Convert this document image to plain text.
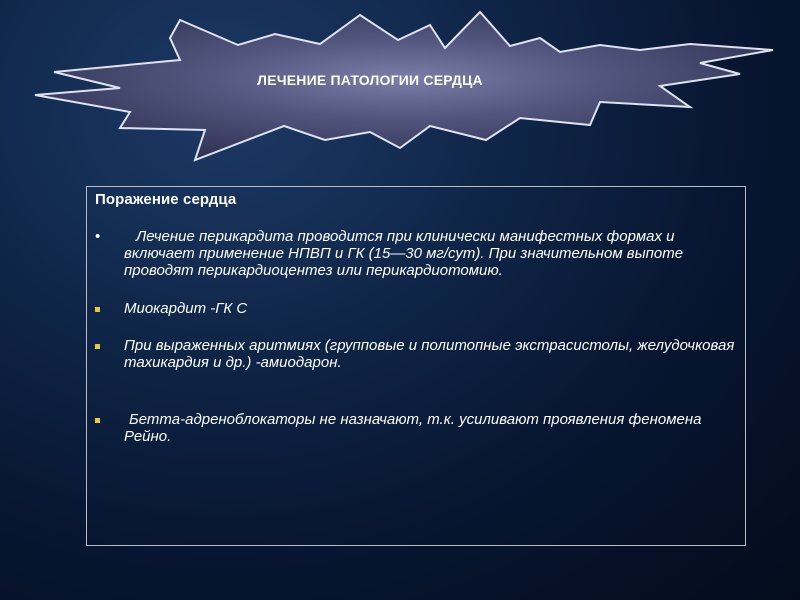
ЛЕЧЕНИЕ ПАТОЛОГИИ СЕРДЦА
Поражение сердца
• Лечение перикардита проводится при клинически манифестных формах и включает применение НПВП и ГК (15—30 мг/сут). При значительном выпоте проводят перикардиоцентез или перикардиотомию.
Миокардит -ГК С
При выраженных аритмиях (групповые и политопные экстрасистолы, желудочковая тахикардия и др.) -амиодарон.
Бетта-адреноблокаторы не назначают, т.к. усиливают проявления феномена Рейно.
